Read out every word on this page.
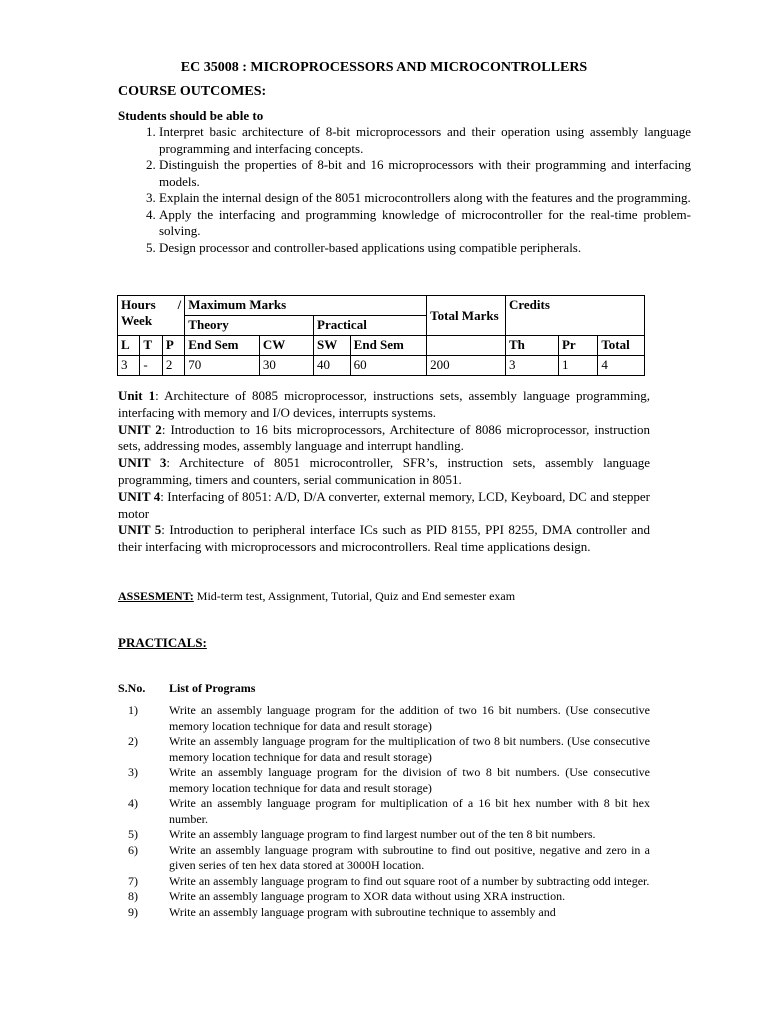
EC 35008 : MICROPROCESSORS AND MICROCONTROLLERS
COURSE OUTCOMES:
Students should be able to
1. Interpret basic architecture of 8-bit microprocessors and their operation using assembly language programming and interfacing concepts.
2. Distinguish the properties of 8-bit and 16 microprocessors with their programming and interfacing models.
3. Explain the internal design of the 8051 microcontrollers along with the features and the programming.
4. Apply the interfacing and programming knowledge of microcontroller for the real-time problem-solving.
5. Design processor and controller-based applications using compatible peripherals.
Hours /
Week			Maximum Marks				Total Marks	Credits		
			Theory		Practical					
L	T	P	End Sem	CW	SW	End Sem		Th	Pr	Total
3	-	2	70	30	40	60	200	3	1	4

Unit 1: Architecture of 8085 microprocessor, instructions sets, assembly language programming, interfacing with memory and I/O devices, interrupts systems.

UNIT 2: Introduction to 16 bits microprocessors, Architecture of 8086 microprocessor, instruction sets, addressing modes, assembly language and interrupt handling.

UNIT 3: Architecture of 8051 microcontroller, SFR’s, instruction sets, assembly language programming, timers and counters, serial communication in 8051.

UNIT 4: Interfacing of 8051: A/D, D/A converter, external memory, LCD, Keyboard, DC and stepper motor

UNIT 5: Introduction to peripheral interface ICs such as PID 8155, PPI 8255, DMA controller and their interfacing with microprocessors and microcontrollers. Real time applications design.

ASSESMENT: Mid-term test, Assignment, Tutorial, Quiz and End semester exam
PRACTICALS:
S.No. List of Programs
1)	Write an assembly language program for the addition of two 16 bit numbers. (Use consecutive memory location technique for data and result storage)
2)	Write an assembly language program for the multiplication of two 8 bit numbers. (Use consecutive memory location technique for data and result storage)
3)	Write an assembly language program for the division of two 8 bit numbers. (Use consecutive memory location technique for data and result storage)
4)	Write an assembly language program for multiplication of a 16 bit hex number with 8 bit hex number.
5)	Write an assembly language program to find largest number out of the ten 8 bit numbers.
6)	Write an assembly language program with subroutine to find out positive, negative and zero in a given series of ten hex data stored at 3000H location.
7)	Write an assembly language program to find out square root of a number by subtracting odd integer.
8)	Write an assembly language program to XOR data without using XRA instruction.
9)	Write an assembly language program with subroutine technique to assembly and
